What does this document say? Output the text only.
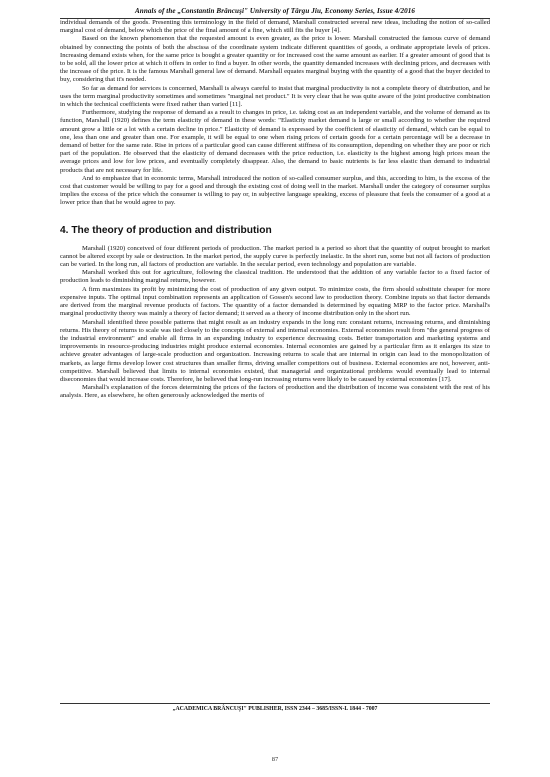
Annals of the „Constantin Brâncuşi" University of Târgu Jiu, Economy Series, Issue 4/2016

individual demands of the goods. Presenting this terminology in the field of demand, Marshall constructed several new ideas, including the notion of so-called marginal cost of demand, below which the price of the final amount of a fine, which still fits the buyer [4].

Based on the known phenomenon that the requested amount is even greater, as the price is lower. Marshall constructed the famous curve of demand obtained by connecting the points of both the abscissa of the coordinate system indicate different quantities of goods, a ordinate appropriate levels of prices. Increasing demand exists when, for the same price is bought a greater quantity or for increased cost the same amount as earlier. If a greater amount of good that is to be sold, all the lower price at which it offers in order to find a buyer. In other words, the quantity demanded increases with declining prices, and decreases with the increase of the price. It is the famous Marshall general law of demand. Marshall equates marginal buying with the quantity of a good that the buyer decided to buy, considering that it's needed.

So far as demand for services is concerned, Marshall is always careful to insist that marginal productivity is not a complete theory of distribution, and he uses the term marginal productivity sometimes and sometimes "marginal net product." It is very clear that he was quite aware of the joint productive combination in which the technical coefficients were fixed rather than varied [11].

Furthermore, studying the response of demand as a result to changes in price, i.e. taking cost as an independent variable, and the volume of demand as its function, Marshall (1920) defines the term elasticity of demand in these words: "Elasticity market demand is large or small according to whether the required amount grow a little or a lot with a certain decline in price." Elasticity of demand is expressed by the coefficient of elasticity of demand, which can be equal to one, less than one and greater than one. For example, it will be equal to one when rising prices of certain goods for a certain percentage will be a decrease in demand of better for the same rate. Rise in prices of a particular good can cause different stiffness of its consumption, depending on whether they are poor or rich part of the population. He observed that the elasticity of demand decreases with the price reduction, i.e. elasticity is the highest among high prices mean the average prices and low for low prices, and eventually completely disappear. Also, the demand to basic nutrients is far less elastic than demand to industrial products that are not necessary for life.

And to emphasize that in economic terms, Marshall introduced the notion of so-called consumer surplus, and this, according to him, is the excess of the cost that customer would be willing to pay for a good and through the existing cost of doing well in the market. Marshall under the category of consumer surplus implies the excess of the price which the consumer is willing to pay or, in subjective language speaking, excess of pleasure that feels the consumer of a good at a lower price than that he would agree to pay.

4. The theory of production and distribution

Marshall (1920) conceived of four different periods of production. The market period is a period so short that the quantity of output brought to market cannot be altered except by sale or destruction. In the market period, the supply curve is perfectly inelastic. In the short run, some but not all factors of production can be varied. In the long run, all factors of production are variable. In the secular period, even technology and population are variable.

Marshall worked this out for agriculture, following the classical tradition. He understood that the addition of any variable factor to a fixed factor of production leads to diminishing marginal returns, however.

A firm maximizes its profit by minimizing the cost of production of any given output. To minimize costs, the firm should substitute cheaper for more expensive inputs. The optimal input combination represents an application of Gossen's second law to production theory. Combine inputs so that factor demands are derived from the marginal revenue products of factors. The quantity of a factor demanded is determined by equating MRP to the factor price. Marshall's marginal productivity theory was mainly a theory of factor demand; it served as a theory of income distribution only in the short run.

Marshall identified three possible patterns that might result as an industry expands in the long run: constant returns, increasing returns, and diminishing returns. His theory of returns to scale was tied closely to the concepts of external and internal economies. External economies result from "the general progress of the industrial environment" and enable all firms in an expanding industry to experience decreasing costs. Better transportation and marketing systems and improvements in resource-producing industries might produce external economies. Internal economies are gained by a particular firm as it enlarges its size to achieve greater advantages of large-scale production and organization. Increasing returns to scale that are internal in origin can lead to the monopolization of markets, as large firms develop lower cost structures than smaller firms, driving smaller competitors out of business. External economies are not, however, anti-competitive. Marshall believed that limits to internal economies existed, that managerial and organizational problems would eventually lead to internal diseconomies that would increase costs. Therefore, he believed that long-run increasing returns were likely to be caused by external economies [17].

Marshall's explanation of the forces determining the prices of the factors of production and the distribution of income was consistent with the rest of his analysis. Here, as elsewhere, he often generously acknowledged the merits of

„ACADEMICA BRÂNCUŞI" PUBLISHER, ISSN 2344 – 3685/ISSN-L 1844 - 7007
87
